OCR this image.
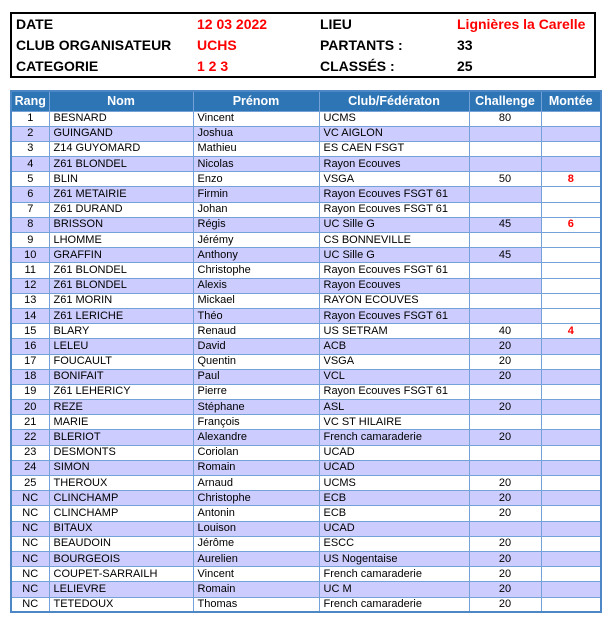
DATE	12 03 2022	LIEU	Lignières la Carelle
CLUB ORGANISATEUR	UCHS	PARTANTS :	33
CATEGORIE	1 2 3	CLASSÉS :	25
Rang	Nom	Prénom	Club/Fédératon	Challenge	Montée
1	BESNARD	Vincent	UCMS	80	
2	GUINGAND	Joshua	VC AIGLON		
3	Z14 GUYOMARD	Mathieu	ES CAEN FSGT		
4	Z61 BLONDEL	Nicolas	Rayon Ecouves		
5	BLIN	Enzo	VSGA	50	8
6	Z61 METAIRIE	Firmin	Rayon Ecouves FSGT 61		
7	Z61 DURAND	Johan	Rayon Ecouves FSGT 61		
8	BRISSON	Régis	UC Sille G	45	6
9	LHOMME	Jérémy	CS BONNEVILLE		
10	GRAFFIN	Anthony	UC Sille G	45	
11	Z61 BLONDEL	Christophe	Rayon Ecouves FSGT 61		
12	Z61 BLONDEL	Alexis	Rayon Ecouves		
13	Z61 MORIN	Mickael	RAYON ECOUVES		
14	Z61 LERICHE	Théo	Rayon Ecouves FSGT 61		
15	BLARY	Renaud	US SETRAM	40	4
16	LELEU	David	ACB	20	
17	FOUCAULT	Quentin	VSGA	20	
18	BONIFAIT	Paul	VCL	20	
19	Z61 LEHERICY	Pierre	Rayon Ecouves FSGT 61		
20	REZE	Stéphane	ASL	20	
21	MARIE	François	VC ST HILAIRE		
22	BLERIOT	Alexandre	French camaraderie	20	
23	DESMONTS	Coriolan	UCAD		
24	SIMON	Romain	UCAD		
25	THEROUX	Arnaud	UCMS	20	
NC	CLINCHAMP	Christophe	ECB	20	
NC	CLINCHAMP	Antonin	ECB	20	
NC	BITAUX	Louison	UCAD		
NC	BEAUDOIN	Jérôme	ESCC	20	
NC	BOURGEOIS	Aurelien	US Nogentaise	20	
NC	COUPET-SARRAILH	Vincent	French camaraderie	20	
NC	LELIEVRE	Romain	UC M	20	
NC	TETEDOUX	Thomas	French camaraderie	20	
